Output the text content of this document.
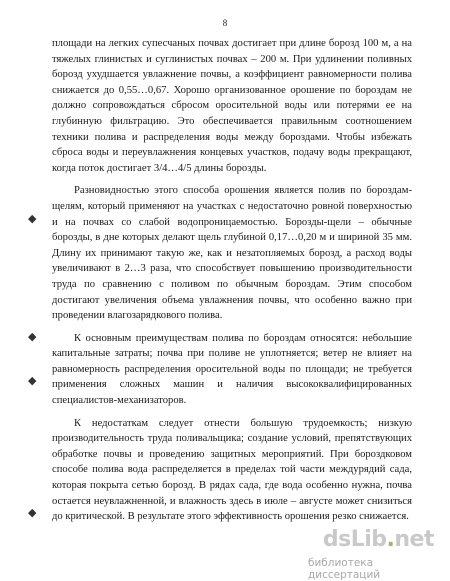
8

площади на легких супесчаных почвах достигает при длине борозд 100 м, а на тяжелых глинистых и суглинистых почвах – 200 м. При удлинении поливных борозд ухудшается увлажнение почвы, а коэффициент равномерности полива снижается до 0,55…0,67. Хорошо организованное орошение по бороздам не должно сопровождаться сбросом оросительной воды или потерями ее на глубинную фильтрацию. Это обеспечивается правильным соотношением техники полива и распределения воды между бороздами. Чтобы избежать сброса воды и переувлажнения концевых участков, подачу воды прекращают, когда поток достигает 3/4…4/5 длины борозды.

Разновидностью этого способа орошения является полив по бороздам-щелям, который применяют на участках с недостаточно ровной поверхностью и на почвах со слабой водопроницаемостью. Борозды-щели – обычные борозды, в дне которых делают щель глубиной 0,17…0,20 м и шириной 35 мм. Длину их принимают такую же, как и незатопляемых борозд, а расход воды увеличивают в 2…3 раза, что способствует повышению производительности труда по сравнению с поливом по обычным бороздам. Этим способом достигают увеличения объема увлажнения почвы, что особенно важно при проведении влагозарядкового полива.

К основным преимуществам полива по бороздам относятся: небольшие капитальные затраты; почва при поливе не уплотняется; ветер не влияет на равномерность распределения оросительной воды по площади; не требуется применения сложных машин и наличия высококвалифицированных специалистов-механизаторов.

К недостаткам следует отнести большую трудоемкость; низкую производительность труда поливальщика; создание условий, препятствующих обработке почвы и проведению защитных мероприятий. При бороздковом способе полива вода распределяется в пределах той части междурядий сада, которая покрыта сетью борозд. В рядах сада, где вода особенно нужна, почва остается неувлажненной, и влажность здесь в июле – августе может снизиться до критической. В результате этого эффективность орошения резко снижается.

◆
◆
◆
◆
dsLib.net
библиотека диссертаций
